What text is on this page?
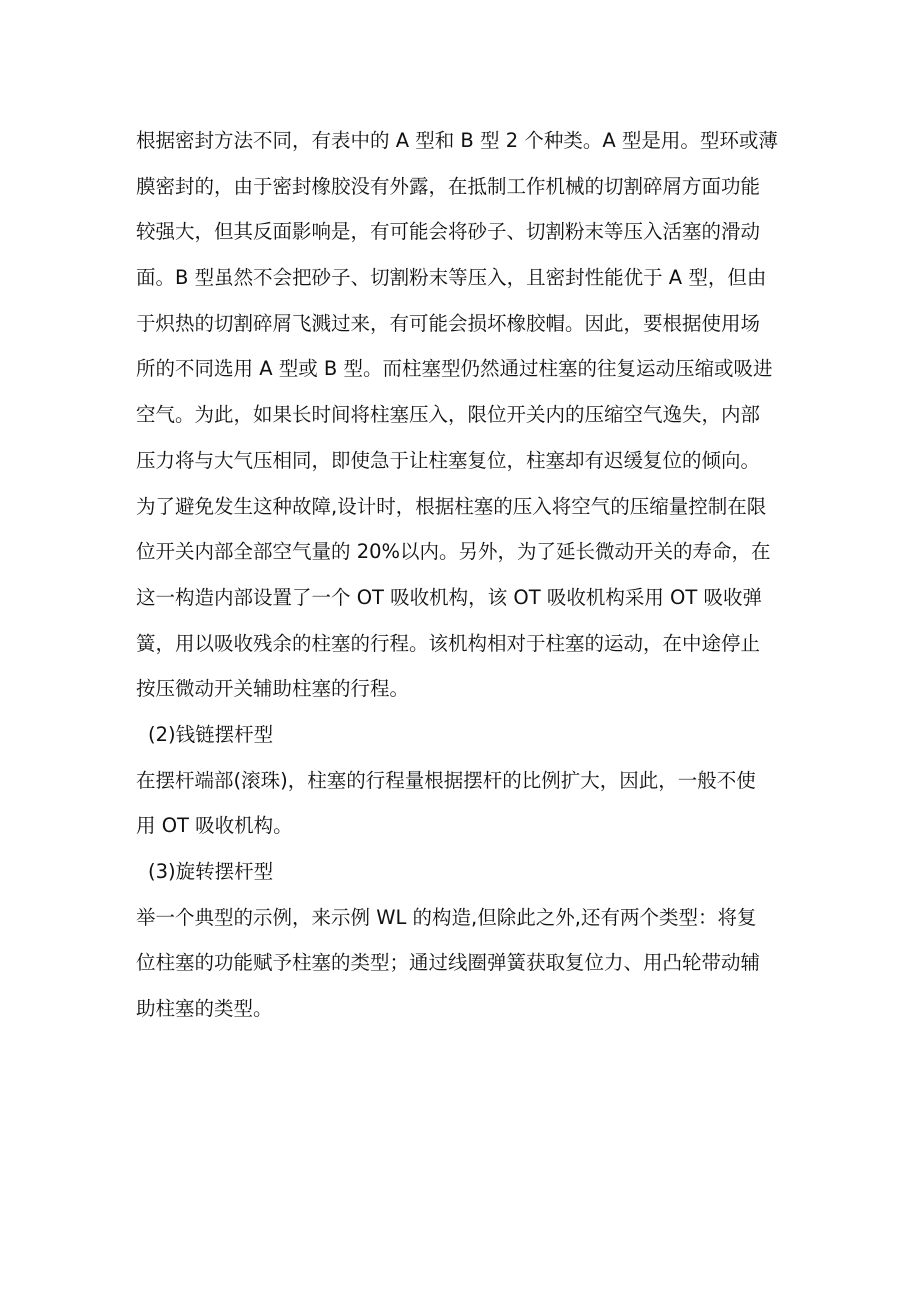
根据密封方法不同，有表中的 A 型和 B 型 2 个种类。A 型是用。型环或薄
膜密封的，由于密封橡胶没有外露，在抵制工作机械的切割碎屑方面功能
较强大，但其反面影响是，有可能会将砂子、切割粉末等压入活塞的滑动
面。B 型虽然不会把砂子、切割粉末等压入，且密封性能优于 A 型，但由
于炽热的切割碎屑飞溅过来，有可能会损坏橡胶帽。因此，要根据使用场
所的不同选用 A 型或 B 型。而柱塞型仍然通过柱塞的往复运动压缩或吸进
空气。为此，如果长时间将柱塞压入，限位开关内的压缩空气逸失，内部
压力将与大气压相同，即使急于让柱塞复位，柱塞却有迟缓复位的倾向。
为了避免发生这种故障,设计时，根据柱塞的压入将空气的压缩量控制在限
位开关内部全部空气量的 20%以内。另外，为了延长微动开关的寿命，在
这一构造内部设置了一个 OT 吸收机构，该 OT 吸收机构采用 OT 吸收弹
簧，用以吸收残余的柱塞的行程。该机构相对于柱塞的运动，在中途停止
按压微动开关辅助柱塞的行程。
(2)钱链摆杆型
在摆杆端部(滚珠)，柱塞的行程量根据摆杆的比例扩大，因此，一般不使
用 OT 吸收机构。
(3)旋转摆杆型
举一个典型的示例，来示例 WL 的构造,但除此之外,还有两个类型：将复
位柱塞的功能赋予柱塞的类型；通过线圈弹簧获取复位力、用凸轮带动辅
助柱塞的类型。
